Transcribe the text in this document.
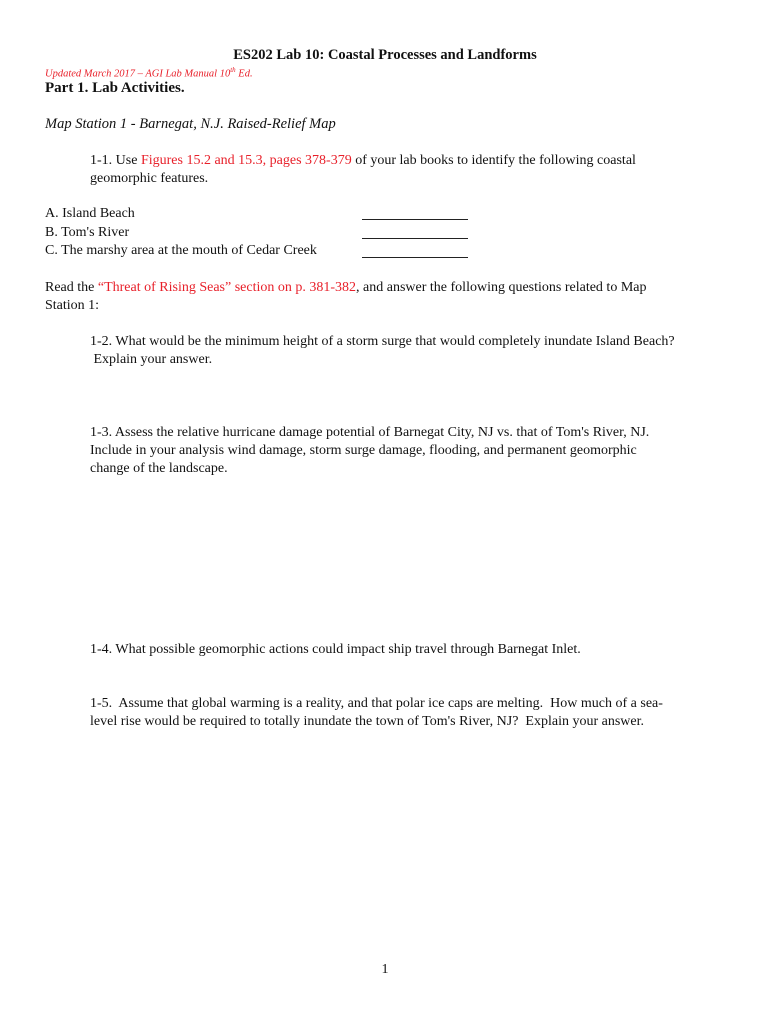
ES202 Lab 10: Coastal Processes and Landforms
Updated March 2017 – AGI Lab Manual 10th Ed.
Part 1. Lab Activities.
Map Station 1 - Barnegat, N.J. Raised-Relief Map
1-1. Use Figures 15.2 and 15.3, pages 378-379 of your lab books to identify the following coastal
geomorphic features.
A. Island Beach
B. Tom's River
C. The marshy area at the mouth of Cedar Creek
Read the “Threat of Rising Seas” section on p. 381-382, and answer the following questions related to Map
Station 1:
1-2. What would be the minimum height of a storm surge that would completely inundate Island Beach?
Explain your answer.
1-3. Assess the relative hurricane damage potential of Barnegat City, NJ vs. that of Tom's River, NJ.
Include in your analysis wind damage, storm surge damage, flooding, and permanent geomorphic
change of the landscape.
1-4. What possible geomorphic actions could impact ship travel through Barnegat Inlet.
1-5.  Assume that global warming is a reality, and that polar ice caps are melting.  How much of a sea-
level rise would be required to totally inundate the town of Tom's River, NJ?  Explain your answer.
1
